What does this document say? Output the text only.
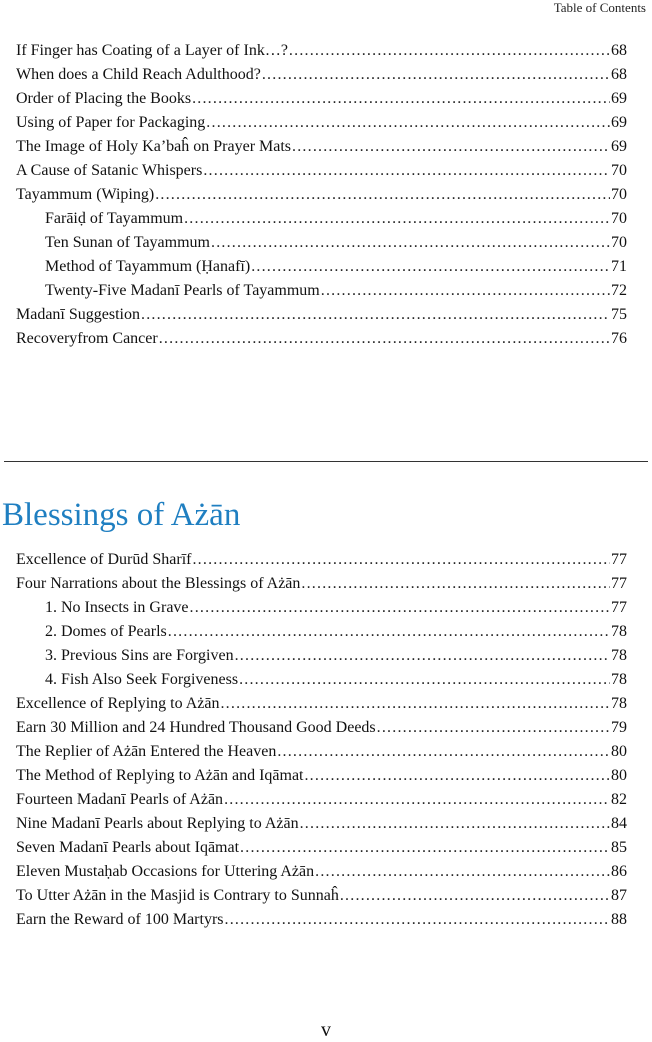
Table of Contents
If Finger has Coating of a Layer of Ink…? . . .	68
When does a Child Reach Adulthood? . . .	68
Order of Placing the Books . . .	69
Using of Paper for Packaging . . .	69
The Image of Holy Ka’baĥ on Prayer Mats . . .	69
A Cause of Satanic Whispers . . .	70
Tayammum (Wiping) . . .	70
Farāiḍ of Tayammum . . .	70
Ten Sunan of Tayammum . . .	70
Method of Tayammum (Ḥanafī) . . .	71
Twenty-Five Madanī Pearls of Tayammum . . .	72
Madanī Suggestion . . .	75
Recoveryfrom Cancer . . .	76
Blessings of Ażān
Excellence of Durūd Sharīf . . .	77
Four Narrations about the Blessings of Ażān . . .	77
1. No Insects in Grave . . .	77
2. Domes of Pearls . . .	78
3. Previous Sins are Forgiven . . .	78
4. Fish Also Seek Forgiveness . . .	78
Excellence of Replying to Ażān . . .	78
Earn 30 Million and 24 Hundred Thousand Good Deeds . . .	79
The Replier of Ażān Entered the Heaven . . .	80
The Method of Replying to Ażān and Iqāmat . . .	80
Fourteen Madanī Pearls of Ażān . . .	82
Nine Madanī Pearls about Replying to Ażān . . .	84
Seven Madanī Pearls about Iqāmat . . .	85
Eleven Mustaḥab Occasions for Uttering Ażān . . .	86
To Utter Ażān in the Masjid is Contrary to Sunnaĥ . . .	87
Earn the Reward of 100 Martyrs . . .	88
v
